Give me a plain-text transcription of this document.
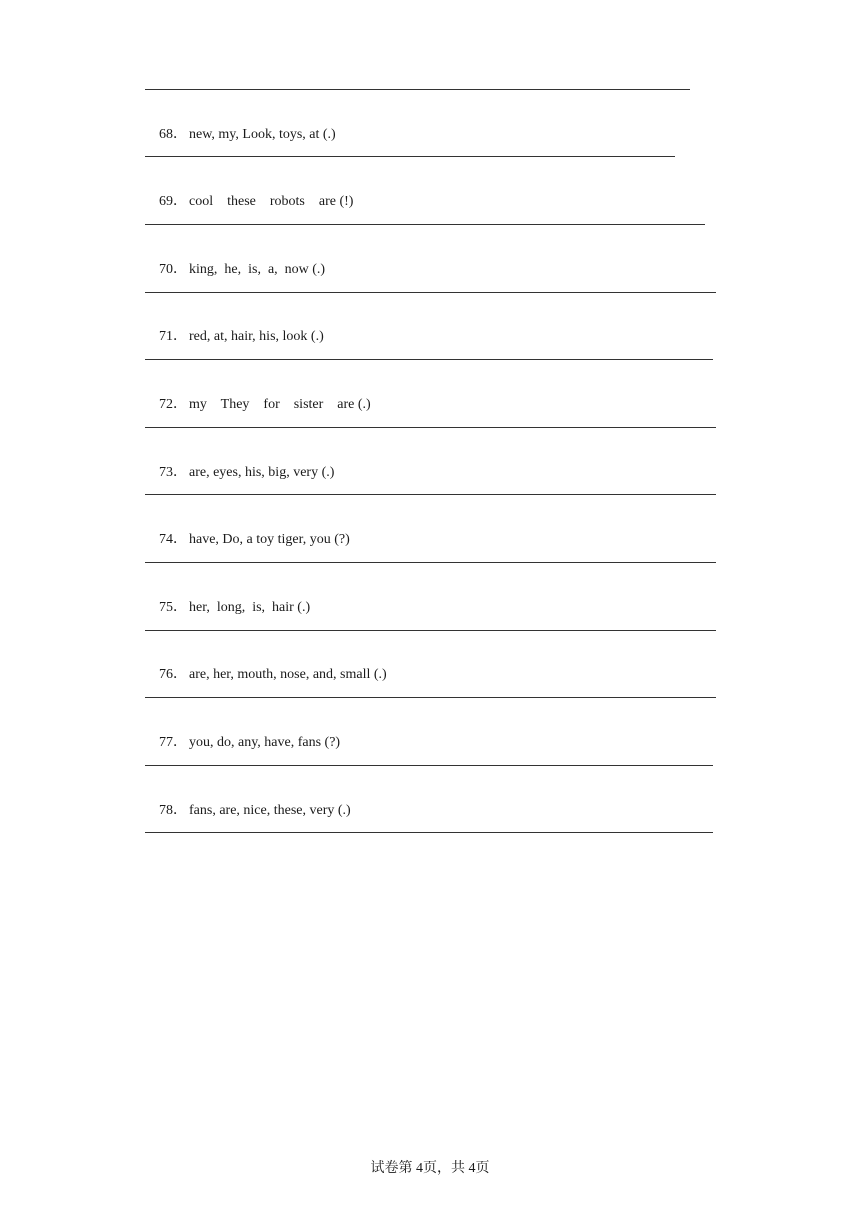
68． new, my, Look, toys, at (.)

69． cool    these    robots    are (!)

70． king,  he,  is,  a,  now (.)

71． red, at, hair, his, look (.)

72． my    They    for    sister    are (.)

73． are, eyes, his, big, very (.)

74． have, Do, a toy tiger, you (?)

75． her,  long,  is,  hair (.)

76． are, her, mouth, nose, and, small (.)

77． you, do, any, have, fans (?)

78． fans, are, nice, these, very (.)

试卷第 4页，共 4页
